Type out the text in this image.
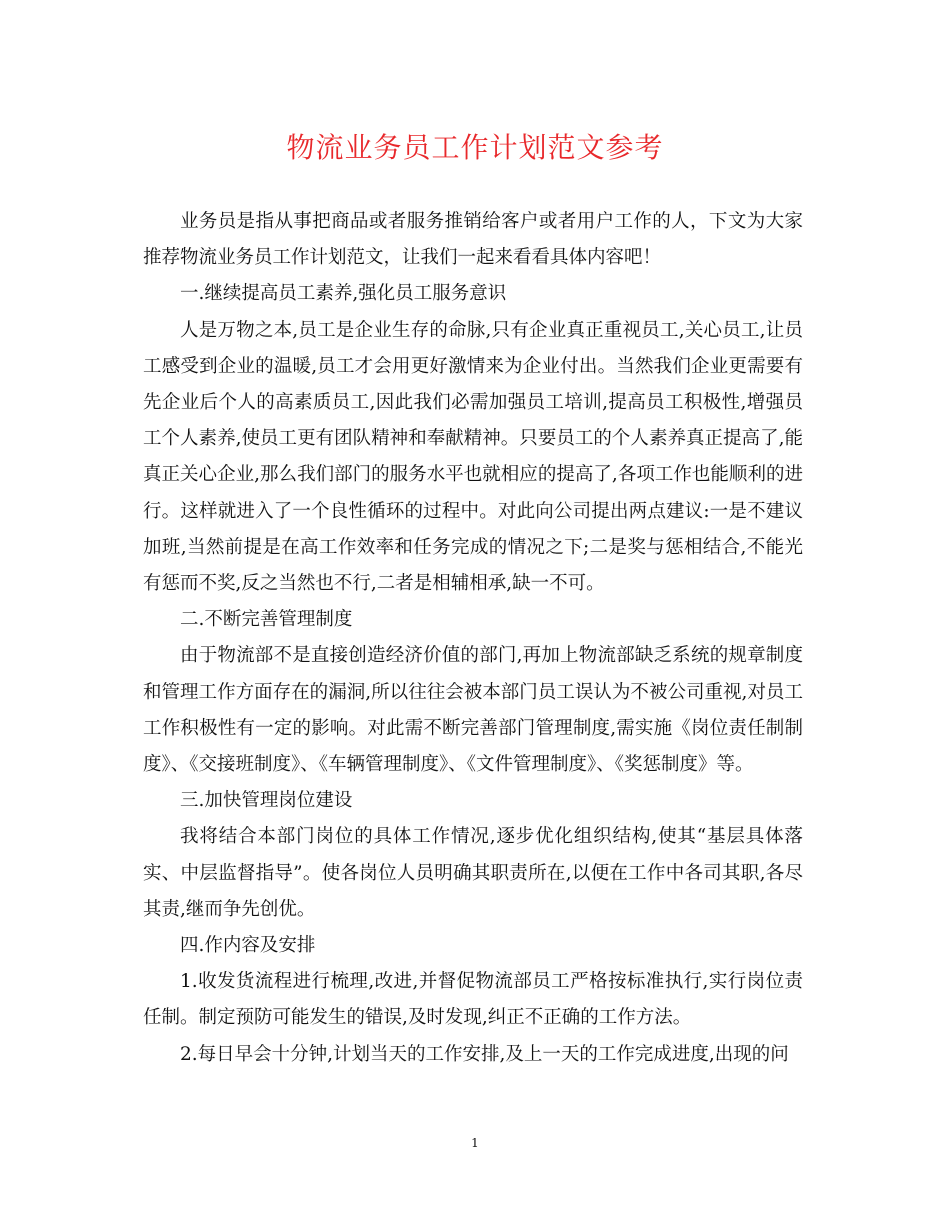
物流业务员工作计划范文参考

业务员是指从事把商品或者服务推销给客户或者用户工作的人，下文为大家推荐物流业务员工作计划范文，让我们一起来看看具体内容吧！

一.继续提高员工素养,强化员工服务意识

人是万物之本,员工是企业生存的命脉,只有企业真正重视员工,关心员工,让员工感受到企业的温暖,员工才会用更好激情来为企业付出。当然我们企业更需要有先企业后个人的高素质员工,因此我们必需加强员工培训,提高员工积极性,增强员工个人素养,使员工更有团队精神和奉献精神。只要员工的个人素养真正提高了,能真正关心企业,那么我们部门的服务水平也就相应的提高了,各项工作也能顺利的进行。这样就进入了一个良性循环的过程中。对此向公司提出两点建议:一是不建议加班,当然前提是在高工作效率和任务完成的情况之下;二是奖与惩相结合,不能光有惩而不奖,反之当然也不行,二者是相辅相承,缺一不可。

二.不断完善管理制度

由于物流部不是直接创造经济价值的部门,再加上物流部缺乏系统的规章制度和管理工作方面存在的漏洞,所以往往会被本部门员工误认为不被公司重视,对员工工作积极性有一定的影响。对此需不断完善部门管理制度,需实施《岗位责任制制度》、《交接班制度》、《车辆管理制度》、《文件管理制度》、《奖惩制度》等。

三.加快管理岗位建设

我将结合本部门岗位的具体工作情况,逐步优化组织结构,使其“基层具体落实、中层监督指导”。使各岗位人员明确其职责所在,以便在工作中各司其职,各尽其责,继而争先创优。

四.作内容及安排

1.收发货流程进行梳理,改进,并督促物流部员工严格按标准执行,实行岗位责任制。制定预防可能发生的错误,及时发现,纠正不正确的工作方法。

2.每日早会十分钟,计划当天的工作安排,及上一天的工作完成进度,出现的问

1
